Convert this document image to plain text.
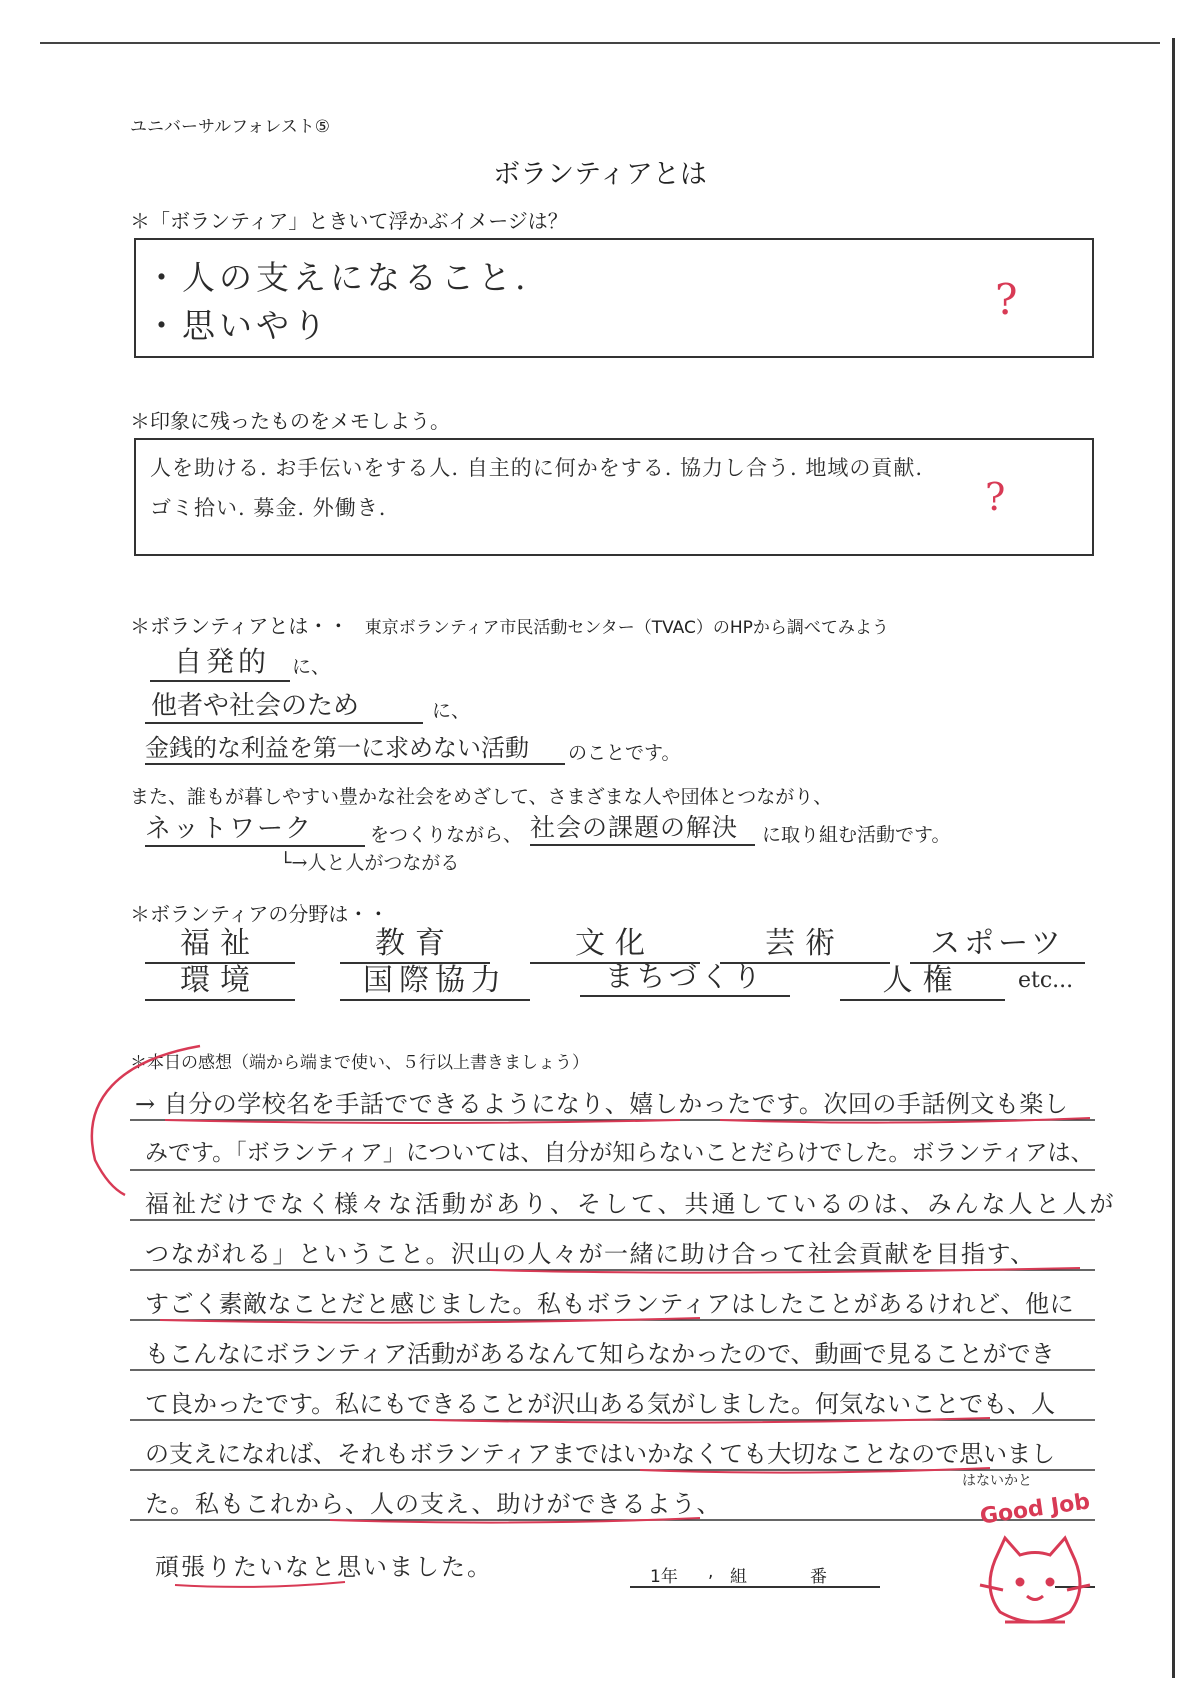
ユニバーサルフォレスト⑤
ボランティアとは
＊「ボランティア」ときいて浮かぶイメージは？
・人の支えになること.
・思いやり
?
＊印象に残ったものをメモしよう。
人を助ける. お手伝いをする人. 自主的に何かをする. 協力し合う. 地域の貢献.
ゴミ拾い. 募金. 外働き.	?
＊ボランティアとは・・ 東京ボランティア市民活動センター（TVAC）のHPから調べてみよう
自発的	に、
他者や社会のため	に、
金銭的な利益を第一に求めない活動	のことです。
また、誰もが暮しやすい豊かな社会をめざして、さまざまな人や団体とつながり、
ネットワーク	をつくりながら、 社会の課題の解決	に取り組む活動です。
└→人と人がつながる
＊ボランティアの分野は・・
福祉	教育	文化	芸術	スポーツ
環境	国際協力	まちづくり	人権	etc...
＊本日の感想（端から端まで使い、５行以上書きましょう）
→ 自分の学校名を手話でできるようになり、嬉しかったです。次回の手話例文も楽し
みです。「ボランティア」については、自分が知らないことだらけでした。ボランティアは、
福祉だけでなく様々な活動があり、そして、共通しているのは、みんな人と人が
つながれる」ということ。沢山の人々が一緒に助け合って社会貢献を目指す、
すごく素敵なことだと感じました。私もボランティアはしたことがあるけれど、他に
もこんなにボランティア活動があるなんて知らなかったので、動画で見ることができ
て良かったです。私にもできることが沢山ある気がしました。何気ないことでも、人
の支えになれば、それもボランティアまではいかなくても大切なことなので思いまし
はないかと
た。私もこれから、人の支え、助けができるよう、
頑張りたいなと思いました。	1年 , 組	番
Good Job
